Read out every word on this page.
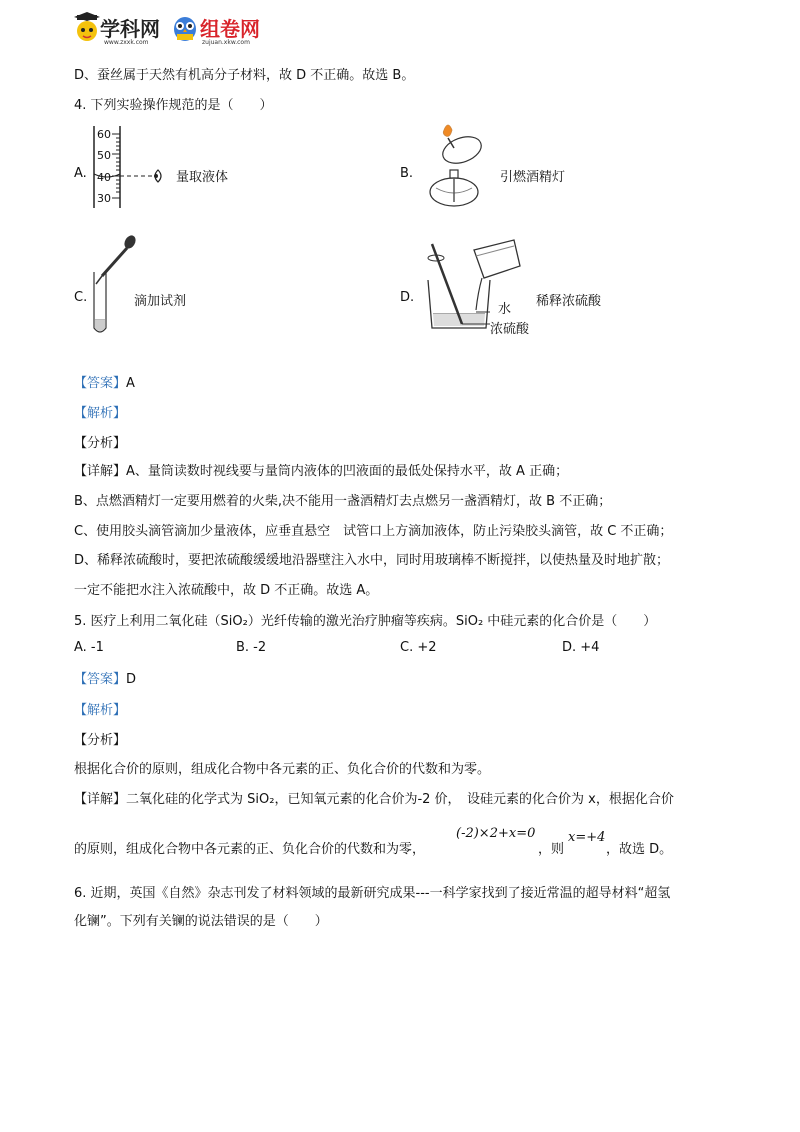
学科网
www.zxxk.com
组卷网
zujuan.xkw.com
D、蚕丝属于天然有机高分子材料，故 D 不正确。故选 B。
4. 下列实验操作规范的是（　　）
A.
60
50
40
30
量取液体	B.	引燃酒精灯
C.	滴加试剂	D.
水
浓硫酸
稀释浓硫酸
【答案】A
【解析】
【分析】
【详解】A、量筒读数时视线要与量筒内液体的凹液面的最低处保持水平，故 A 正确；
B、点燃酒精灯一定要用燃着的火柴,决不能用一盏酒精灯去点燃另一盏酒精灯，故 B 不正确；
C、使用胶头滴管滴加少量液体，应垂直悬空　试管口上方滴加液体，防止污染胶头滴管，故 C 不正确；
D、稀释浓硫酸时，要把浓硫酸缓缓地沿器壁注入水中，同时用玻璃棒不断搅拌，以使热量及时地扩散；
一定不能把水注入浓硫酸中，故 D 不正确。故选 A。
5. 医疗上利用二氧化硅（SiO₂）光纤传输的激光治疗肿瘤等疾病。SiO₂ 中硅元素的化合价是（　　）
A. -1	B. -2	C. +2	D. +4
【答案】D
【解析】
【分析】
根据化合价的原则，组成化合物中各元素的正、负化合价的代数和为零。
【详解】二氧化硅的化学式为 SiO₂，已知氧元素的化合价为-2 价，　设硅元素的化合价为 x，根据化合价
的原则，组成化合物中各元素的正、负化合价的代数和为零，
(-2)×2+x=0
，则
x=+4
，故选 D。
6. 近期，英国《自然》杂志刊发了材料领域的最新研究成果---一科学家找到了接近常温的超导材料“超氢
化镧”。下列有关镧的说法错误的是（　　）
